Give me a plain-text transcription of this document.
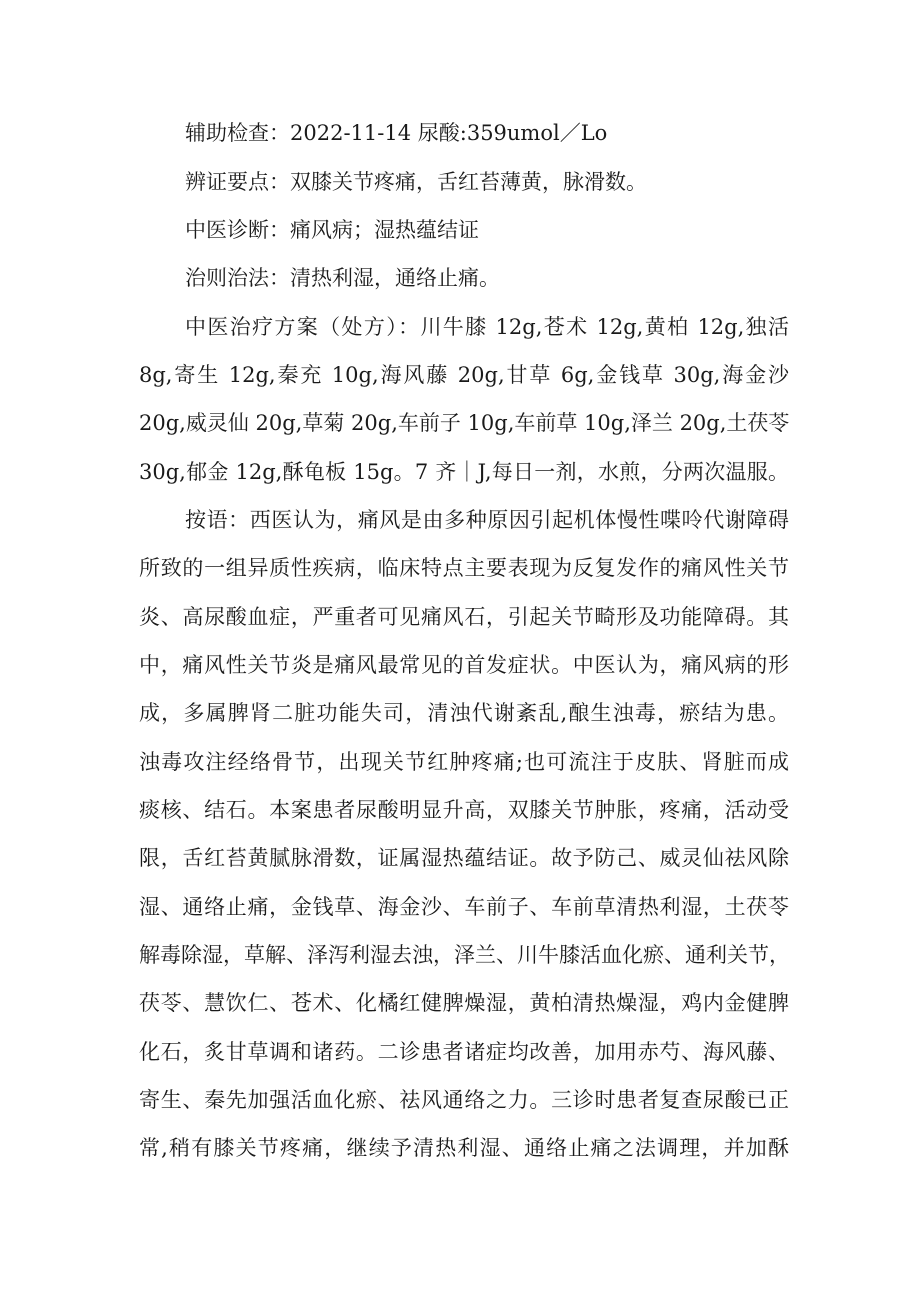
辅助检查：2022-11-14 尿酸:359umol／Lo

辨证要点：双膝关节疼痛，舌红苔薄黄，脉滑数。

中医诊断：痛风病；湿热蕴结证

治则治法：清热利湿，通络止痛。

中医治疗方案（处方）：川牛膝 12g,苍术 12g,黄柏 12g,独活

8g,寄生 12g,秦充 10g,海风藤 20g,甘草 6g,金钱草 30g,海金沙

20g,威灵仙 20g,草菊 20g,车前子 10g,车前草 10g,泽兰 20g,土茯苓

30g,郁金 12g,酥龟板 15g。7 齐｜J,每日一剂，水煎，分两次温服。

按语：西医认为，痛风是由多种原因引起机体慢性喋呤代谢障碍

所致的一组异质性疾病，临床特点主要表现为反复发作的痛风性关节

炎、高尿酸血症，严重者可见痛风石，引起关节畸形及功能障碍。其

中，痛风性关节炎是痛风最常见的首发症状。中医认为，痛风病的形

成，多属脾肾二脏功能失司，清浊代谢紊乱,酿生浊毒，瘀结为患。

浊毒攻注经络骨节，出现关节红肿疼痛;也可流注于皮肤、肾脏而成

痰核、结石。本案患者尿酸明显升高，双膝关节肿胀，疼痛，活动受

限，舌红苔黄腻脉滑数，证属湿热蕴结证。故予防己、威灵仙祛风除

湿、通络止痛，金钱草、海金沙、车前子、车前草清热利湿，土茯苓

解毒除湿，草解、泽泻利湿去浊，泽兰、川牛膝活血化瘀、通利关节，

茯苓、慧饮仁、苍术、化橘红健脾燥湿，黄柏清热燥湿，鸡内金健脾

化石，炙甘草调和诸药。二诊患者诸症均改善，加用赤芍、海风藤、

寄生、秦先加强活血化瘀、祛风通络之力。三诊时患者复查尿酸已正

常,稍有膝关节疼痛，继续予清热利湿、通络止痛之法调理，并加酥
